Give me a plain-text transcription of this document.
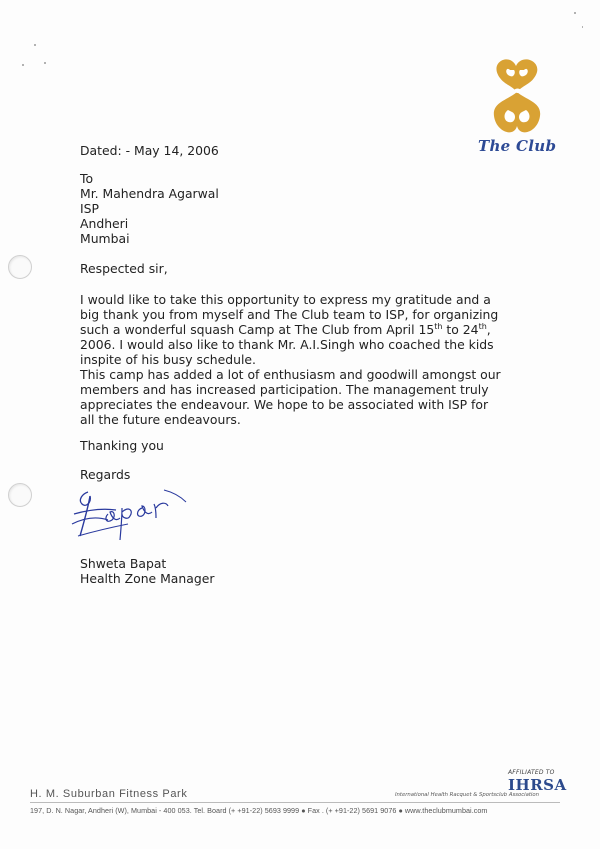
The Club
Dated: - May 14, 2006
To
Mr. Mahendra Agarwal
ISP
Andheri
Mumbai
Respected sir,
I would like to take this opportunity to express my gratitude and a
big thank you from myself and The Club team to ISP, for organizing
such a wonderful squash Camp at The Club from April 15th to 24th,
2006. I would also like to thank Mr. A.I.Singh who coached the kids
inspite of his busy schedule.
This camp has added a lot of enthusiasm and goodwill amongst our
members and has increased participation. The management truly
appreciates the endeavour. We hope to be associated with ISP for
all the future endeavours.
Thanking you
Regards
Shweta Bapat
Health Zone Manager
AFFILIATED TO
IHRSA
International Health Racquet & Sportsclub Association
H. M. Suburban Fitness Park
197, D. N. Nagar, Andheri (W), Mumbai - 400 053. Tel. Board (+ +91-22) 5693 9999 ● Fax . (+ +91-22) 5691 9076 ● www.theclubmumbai.com
